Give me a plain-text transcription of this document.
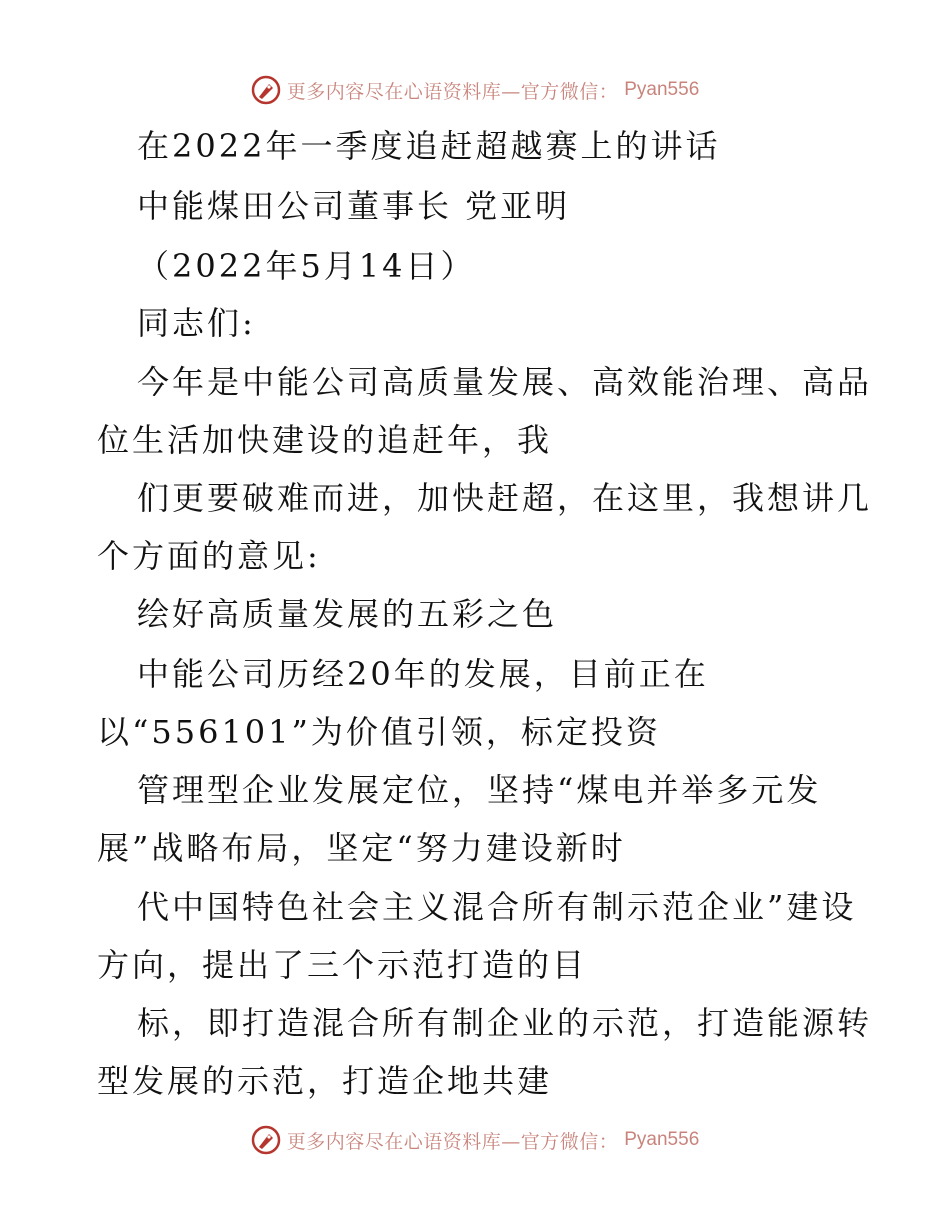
更多内容尽在心语资料库—官方微信： Pyan556
在2022年一季度追赶超越赛上的讲话
中能煤田公司董事长 党亚明
（2022年5月14日）
同志们:
今年是中能公司高质量发展、高效能治理、高品
位生活加快建设的追赶年，我
们更要破难而进，加快赶超，在这里，我想讲几
个方面的意见:
绘好高质量发展的五彩之色
中能公司历经20年的发展，目前正在
以“556101”为价值引领，标定投资
管理型企业发展定位，坚持“煤电并举多元发
展”战略布局，坚定“努力建设新时
代中国特色社会主义混合所有制示范企业”建设
方向，提出了三个示范打造的目
标，即打造混合所有制企业的示范，打造能源转
型发展的示范，打造企地共建
更多内容尽在心语资料库—官方微信： Pyan556
